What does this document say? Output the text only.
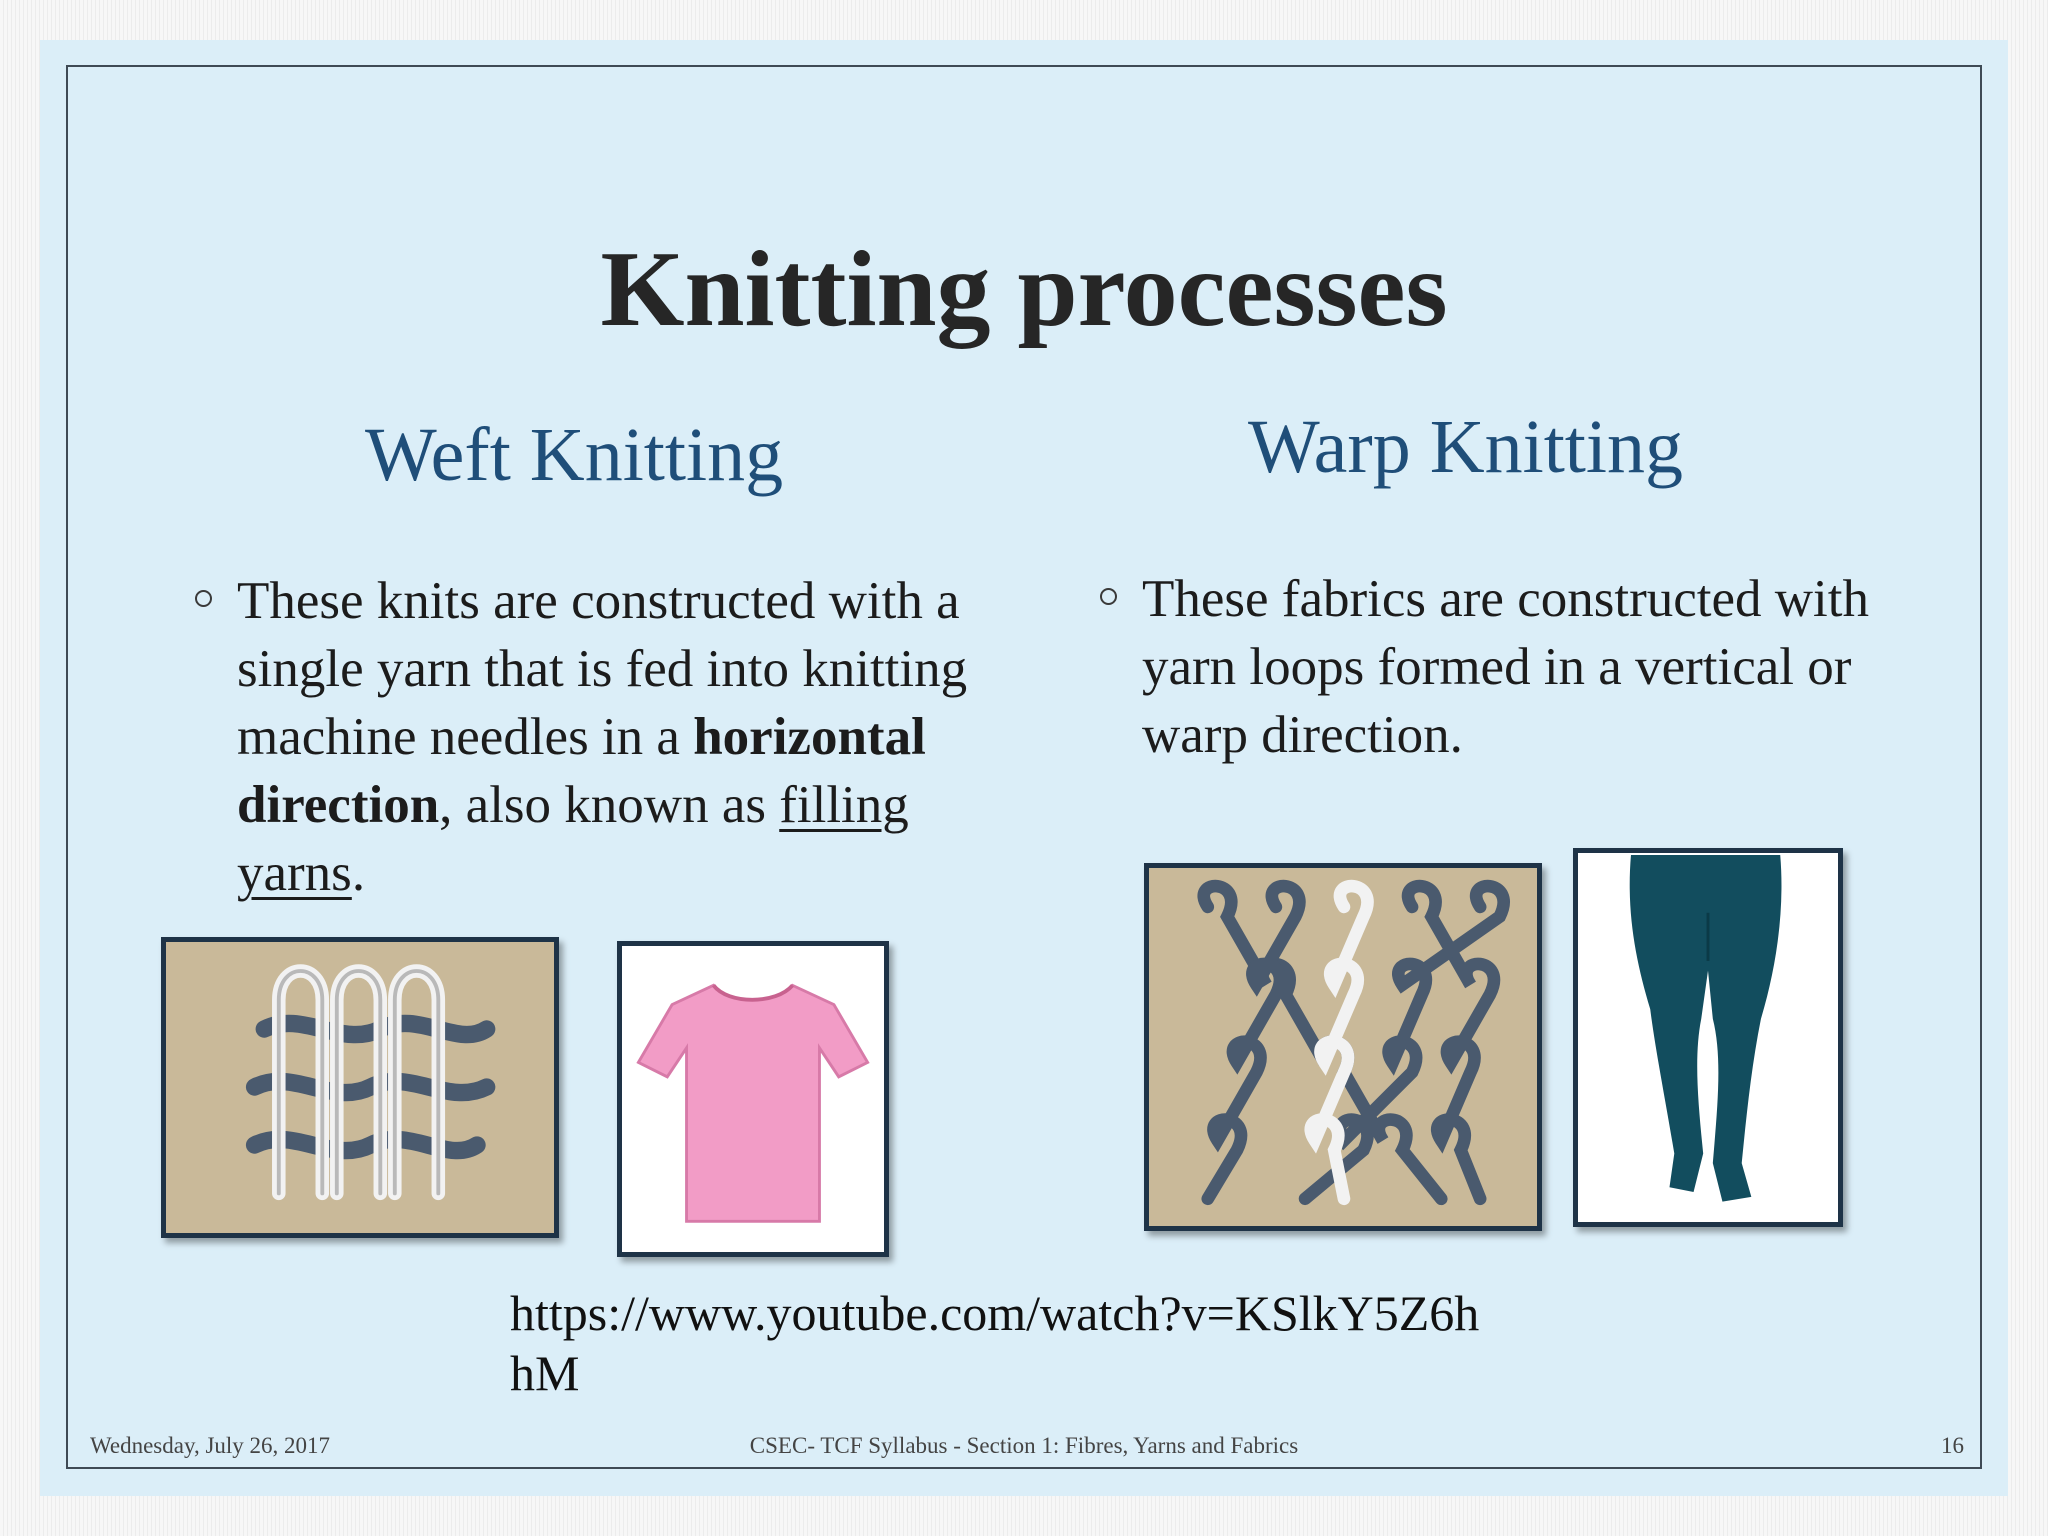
Knitting processes
Weft Knitting	Warp Knitting
These knits are constructed with a single yarn that is fed into knitting machine needles in a horizontal direction, also known as filling yarns.
These fabrics are constructed with yarn loops formed in a vertical or warp direction.
https://www.youtube.com/watch?v=KSlkY5Z6hhM
Wednesday, July 26, 2017	CSEC- TCF Syllabus - Section 1: Fibres, Yarns and Fabrics	16
